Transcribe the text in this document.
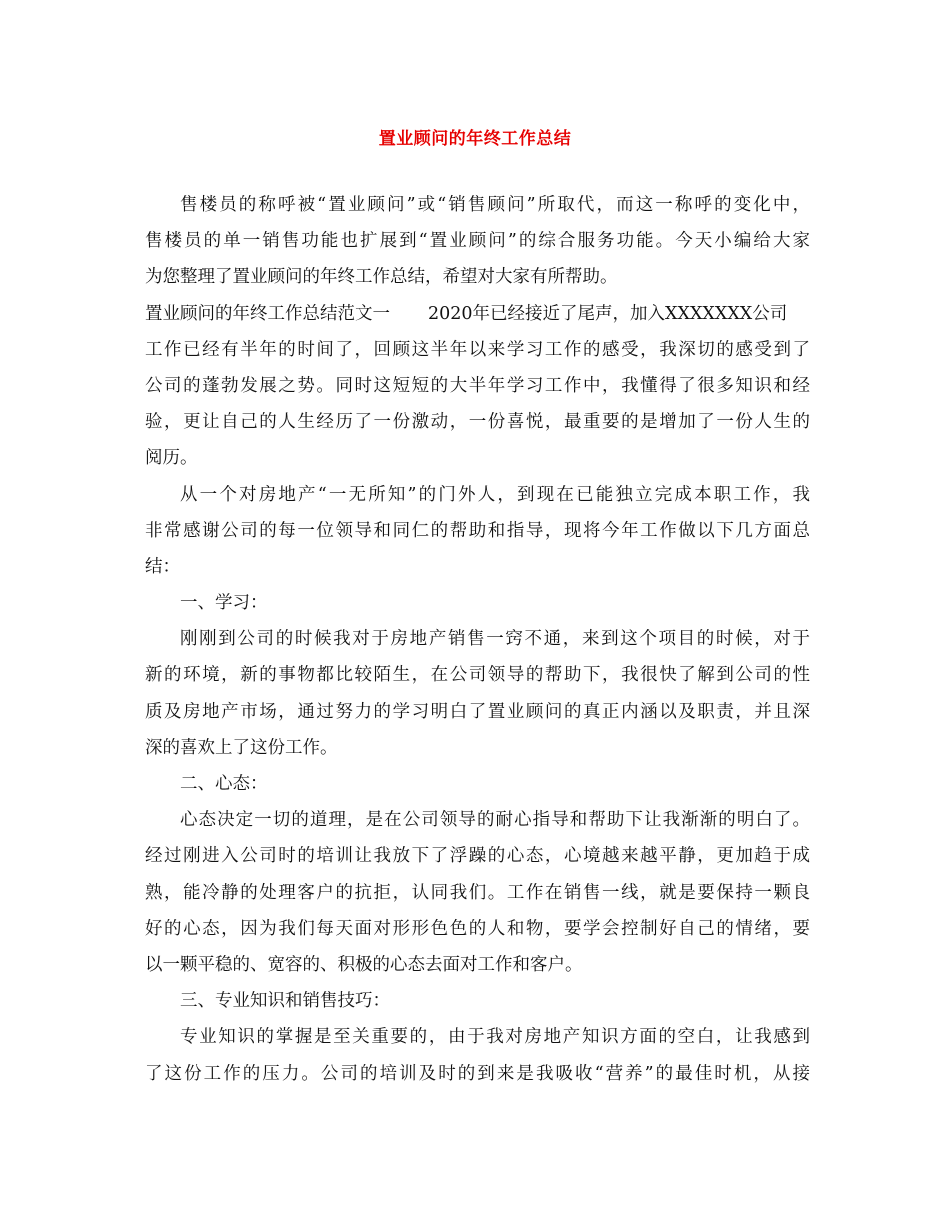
置业顾问的年终工作总结
售楼员的称呼被“置业顾问”或“销售顾问”所取代，而这一称呼的变化中，
售楼员的单一销售功能也扩展到“置业顾问”的综合服务功能。今天小编给大家
为您整理了置业顾问的年终工作总结，希望对大家有所帮助。
置业顾问的年终工作总结范文一 2020年已经接近了尾声，加入XXXXXXX公司
工作已经有半年的时间了，回顾这半年以来学习工作的感受，我深切的感受到了
公司的蓬勃发展之势。同时这短短的大半年学习工作中，我懂得了很多知识和经
验，更让自己的人生经历了一份激动，一份喜悦，最重要的是增加了一份人生的
阅历。
从一个对房地产“一无所知”的门外人，到现在已能独立完成本职工作，我
非常感谢公司的每一位领导和同仁的帮助和指导，现将今年工作做以下几方面总
结：
一、学习：
刚刚到公司的时候我对于房地产销售一窍不通，来到这个项目的时候，对于
新的环境，新的事物都比较陌生，在公司领导的帮助下，我很快了解到公司的性
质及房地产市场，通过努力的学习明白了置业顾问的真正内涵以及职责，并且深
深的喜欢上了这份工作。
二、心态：
心态决定一切的道理，是在公司领导的耐心指导和帮助下让我渐渐的明白了。
经过刚进入公司时的培训让我放下了浮躁的心态，心境越来越平静，更加趋于成
熟，能冷静的处理客户的抗拒，认同我们。工作在销售一线，就是要保持一颗良
好的心态，因为我们每天面对形形色色的人和物，要学会控制好自己的情绪，要
以一颗平稳的、宽容的、积极的心态去面对工作和客户。
三、专业知识和销售技巧：
专业知识的掌握是至关重要的，由于我对房地产知识方面的空白，让我感到
了这份工作的压力。公司的培训及时的到来是我吸收“营养”的最佳时机，从接
